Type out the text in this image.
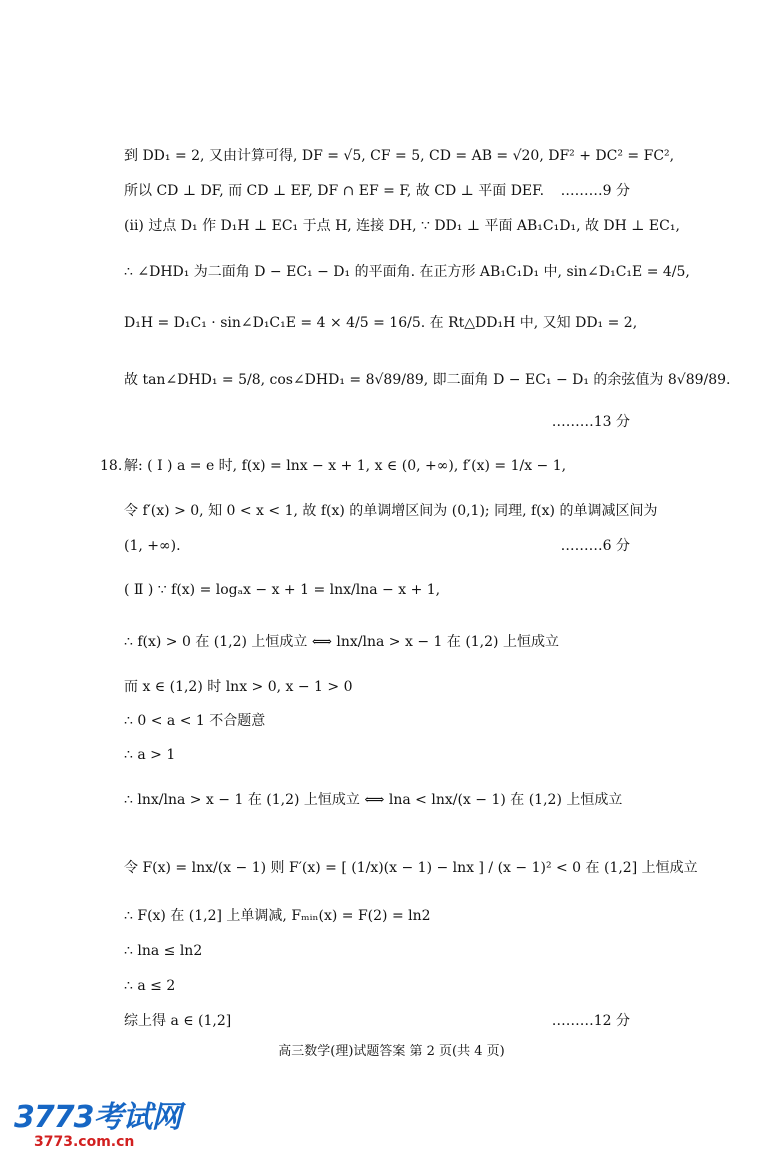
到 DD₁ = 2, 又由计算可得, DF = √5, CF = 5, CD = AB = √20, DF² + DC² = FC²,
所以 CD ⊥ DF, 而 CD ⊥ EF, DF ∩ EF = F, 故 CD ⊥ 平面 DEF. ………9 分
(ⅱ) 过点 D₁ 作 D₁H ⊥ EC₁ 于点 H, 连接 DH, ∵ DD₁ ⊥ 平面 AB₁C₁D₁, 故 DH ⊥ EC₁,
∴ ∠DHD₁ 为二面角 D − EC₁ − D₁ 的平面角. 在正方形 AB₁C₁D₁ 中, sin∠D₁C₁E = 4/5,
D₁H = D₁C₁ · sin∠D₁C₁E = 4 × 4/5 = 16/5. 在 Rt△DD₁H 中, 又知 DD₁ = 2,
故 tan∠DHD₁ = 5/8, cos∠DHD₁ = 8√89/89, 即二面角 D − EC₁ − D₁ 的余弦值为 8√89/89.
………13 分
18. 解: ( Ⅰ ) a = e 时, f(x) = lnx − x + 1, x ∈ (0, +∞), f′(x) = 1/x − 1,
令 f′(x) > 0, 知 0 < x < 1, 故 f(x) 的单调增区间为 (0,1); 同理, f(x) 的单调减区间为
(1, +∞).	………6 分
( Ⅱ ) ∵ f(x) = logₐx − x + 1 = lnx/lna − x + 1,
∴ f(x) > 0 在 (1,2) 上恒成立 ⟺ lnx/lna > x − 1 在 (1,2) 上恒成立
而 x ∈ (1,2) 时 lnx > 0, x − 1 > 0
∴ 0 < a < 1 不合题意
∴ a > 1
∴ lnx/lna > x − 1 在 (1,2) 上恒成立 ⟺ lna < lnx/(x − 1) 在 (1,2) 上恒成立
令 F(x) = lnx/(x − 1) 则 F′(x) = [ (1/x)(x − 1) − lnx ] / (x − 1)² < 0 在 (1,2] 上恒成立
∴ F(x) 在 (1,2] 上单调减, Fₘᵢₙ(x) = F(2) = ln2
∴ lna ≤ ln2
∴ a ≤ 2
综上得 a ∈ (1,2]	………12 分
高三数学(理)试题答案 第 2 页(共 4 页)
3773考试网
3773.com.cn
